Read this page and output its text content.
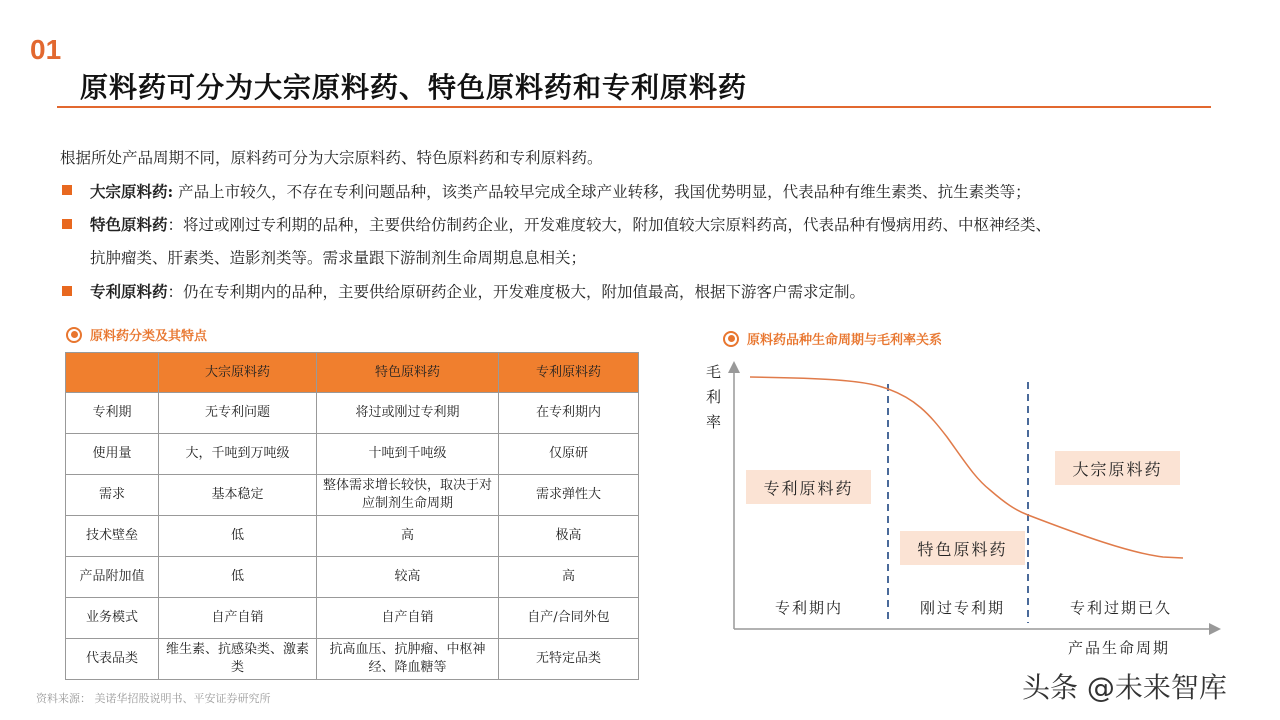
01
原料药可分为大宗原料药、特色原料药和专利原料药
根据所处产品周期不同，原料药可分为大宗原料药、特色原料药和专利原料药。
大宗原料药: 产品上市较久，不存在专利问题品种，该类产品较早完成全球产业转移，我国优势明显，代表品种有维生素类、抗生素类等；
特色原料药：将过或刚过专利期的品种，主要供给仿制药企业，开发难度较大，附加值较大宗原料药高，代表品种有慢病用药、中枢神经类、
抗肿瘤类、肝素类、造影剂类等。需求量跟下游制剂生命周期息息相关；
专利原料药：仍在专利期内的品种，主要供给原研药企业，开发难度极大，附加值最高，根据下游客户需求定制。
原料药分类及其特点
	大宗原料药	特色原料药	专利原料药
专利期	无专利问题	将过或刚过专利期	在专利期内
使用量	大，千吨到万吨级	十吨到千吨级	仅原研
需求	基本稳定	整体需求增长较快，取决于对应制剂生命周期	需求弹性大
技术壁垒	低	高	极高
产品附加值	低	较高	高
业务模式	自产自销	自产自销	自产/合同外包
代表品类	维生素、抗感染类、激素类	抗高血压、抗肿瘤、中枢神经、降血糖等	无特定品类
原料药品种生命周期与毛利率关系
毛利率
产品生命周期
专利原料药
特色原料药
大宗原料药
专利期内	刚过专利期	专利过期已久
资料来源： 美诺华招股说明书、平安证券研究所	头条 @未来智库
